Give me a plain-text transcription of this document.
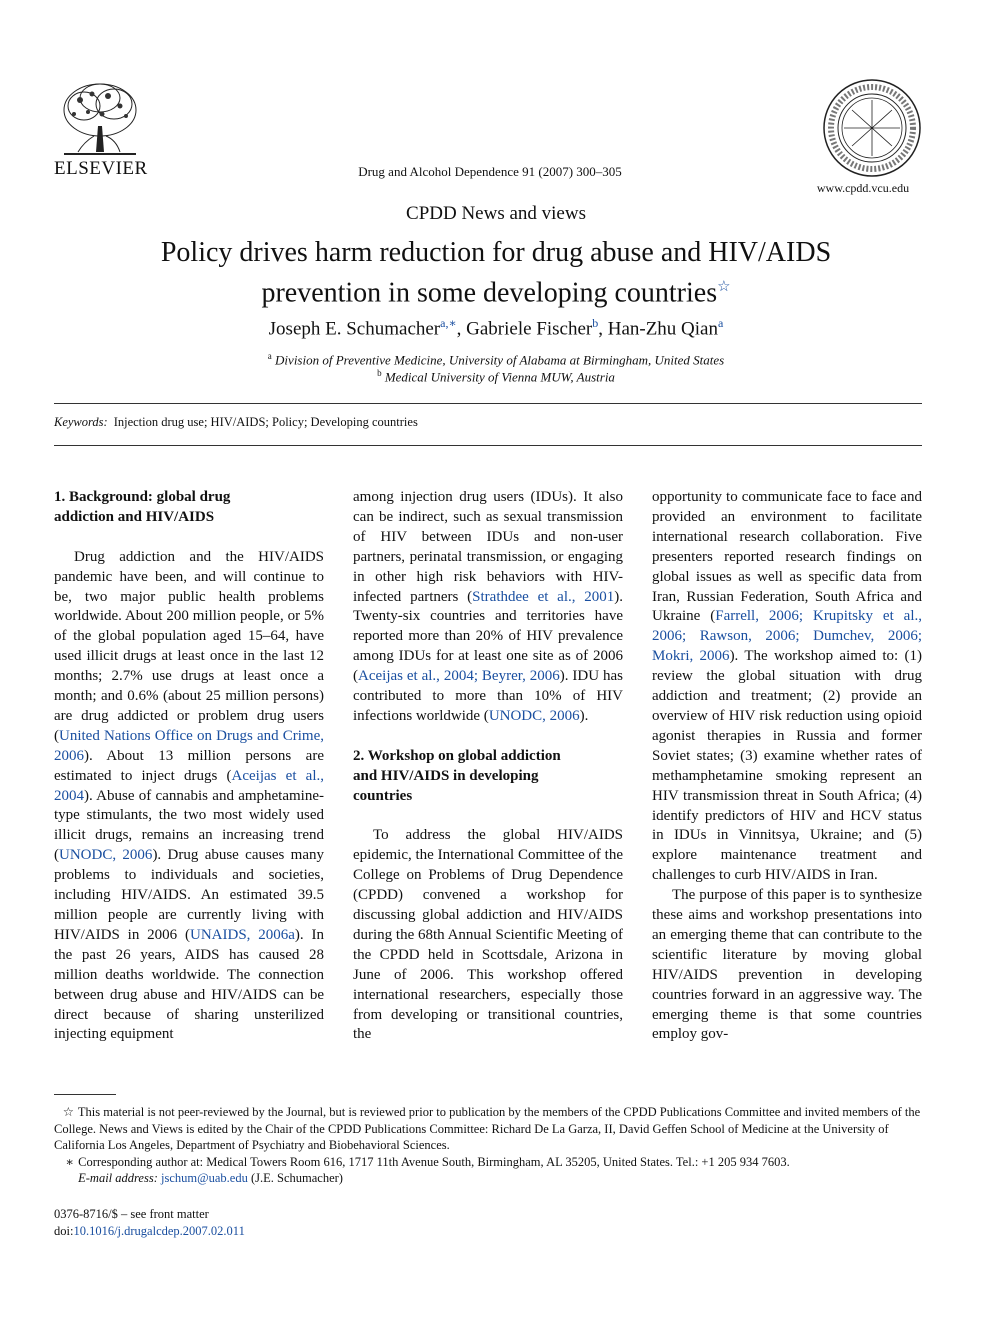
ELSEVIER	Drug and Alcohol Dependence 91 (2007) 300–305
www.cpdd.vcu.edu
CPDD News and views
Policy drives harm reduction for drug abuse and HIV/AIDS
prevention in some developing countries☆
Joseph E. Schumacher$^{a,∗}$, Gabriele Fischer$^b$, Han-Zhu Qian$^a$
$^a$ Division of Preventive Medicine, University of Alabama at Birmingham, United States
$^b$ Medical University of Vienna MUW, Austria
Keywords: Injection drug use; HIV/AIDS; Policy; Developing countries
1. Background: global drug
addiction and HIV/AIDS

Drug addiction and the HIV/AIDS pandemic have been, and will continue to be, two major public health problems worldwide. About 200 million people, or 5% of the global population aged 15–64, have used illicit drugs at least once in the last 12 months; 2.7% use drugs at least once a month; and 0.6% (about 25 million persons) are drug addicted or problem drug users (United Nations Office on Drugs and Crime, 2006). About 13 million persons are estimated to inject drugs (Aceijas et al., 2004). Abuse of cannabis and amphetamine-type stimulants, the two most widely used illicit drugs, remains an increasing trend (UNODC, 2006). Drug abuse causes many problems to individuals and societies, including HIV/AIDS. An estimated 39.5 million people are currently living with HIV/AIDS in 2006 (UNAIDS, 2006a). In the past 26 years, AIDS has caused 28 million deaths worldwide. The connection between drug abuse and HIV/AIDS can be direct because of sharing unsterilized injecting equipment

among injection drug users (IDUs). It also can be indirect, such as sexual transmission of HIV between IDUs and non-user partners, perinatal transmission, or engaging in other high risk behaviors with HIV-infected partners (Strathdee et al., 2001). Twenty-six countries and territories have reported more than 20% of HIV prevalence among IDUs for at least one site as of 2006 (Aceijas et al., 2004; Beyrer, 2006). IDU has contributed to more than 10% of HIV infections worldwide (UNODC, 2006).

2. Workshop on global addiction
and HIV/AIDS in developing
countries

To address the global HIV/AIDS epidemic, the International Committee of the College on Problems of Drug Dependence (CPDD) convened a workshop for discussing global addiction and HIV/AIDS during the 68th Annual Scientific Meeting of the CPDD held in Scottsdale, Arizona in June of 2006. This workshop offered international researchers, especially those from developing or transitional countries, the

opportunity to communicate face to face and provided an environment to facilitate international research collaboration. Five presenters reported research findings on global issues as well as specific data from Iran, Russian Federation, South Africa and Ukraine (Farrell, 2006; Krupitsky et al., 2006; Rawson, 2006; Dumchev, 2006; Mokri, 2006). The workshop aimed to: (1) review the global situation with drug addiction and treatment; (2) provide an overview of HIV risk reduction using opioid agonist therapies in Russia and former Soviet states; (3) examine whether rates of methamphetamine smoking represent an HIV transmission threat in South Africa; (4) identify predictors of HIV and HCV status in IDUs in Vinnitsya, Ukraine; and (5) explore maintenance treatment and challenges to curb HIV/AIDS in Iran.

The purpose of this paper is to synthesize these aims and workshop presentations into an emerging theme that can contribute to the scientific literature by moving global HIV/AIDS prevention in developing countries forward in an aggressive way. The emerging theme is that some countries employ gov-

☆ This material is not peer-reviewed by the Journal, but is reviewed prior to publication by the members of the CPDD Publications Committee and invited members of the College. News and Views is edited by the Chair of the CPDD Publications Committee: Richard De La Garza, II, David Geffen School of Medicine at the University of California Los Angeles, Department of Psychiatry and Biobehavioral Sciences.
∗ Corresponding author at: Medical Towers Room 616, 1717 11th Avenue South, Birmingham, AL 35205, United States. Tel.: +1 205 934 7603.
E-mail address: jschum@uab.edu (J.E. Schumacher)
0376-8716/$ – see front matter
doi:10.1016/j.drugalcdep.2007.02.011
